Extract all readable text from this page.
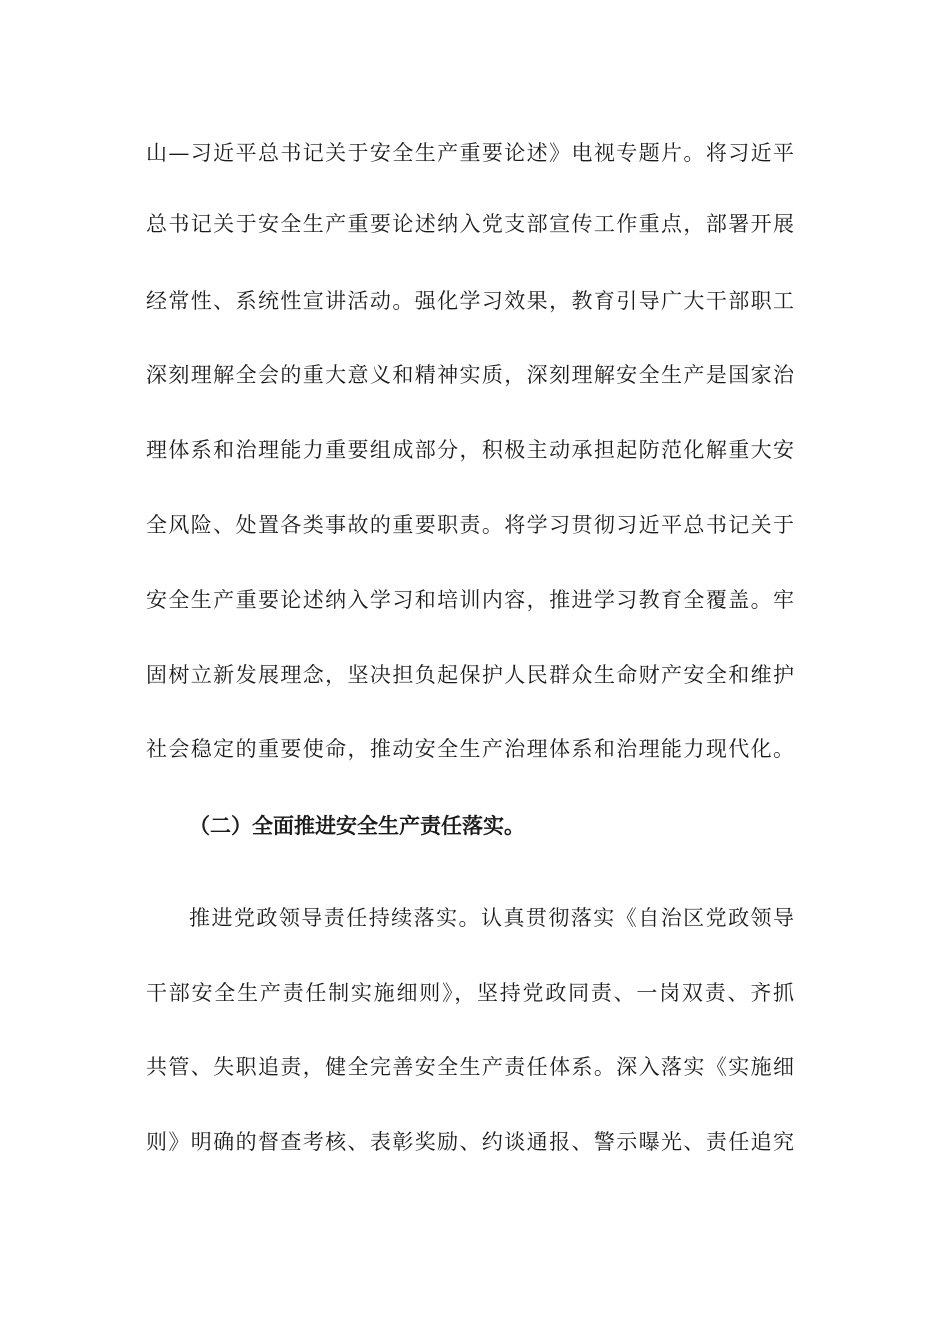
山—习近平总书记关于安全生产重要论述》电视专题片。将习近平
总书记关于安全生产重要论述纳入党支部宣传工作重点，部署开展
经常性、系统性宣讲活动。强化学习效果，教育引导广大干部职工
深刻理解全会的重大意义和精神实质，深刻理解安全生产是国家治
理体系和治理能力重要组成部分，积极主动承担起防范化解重大安
全风险、处置各类事故的重要职责。将学习贯彻习近平总书记关于
安全生产重要论述纳入学习和培训内容，推进学习教育全覆盖。牢
固树立新发展理念，坚决担负起保护人民群众生命财产安全和维护
社会稳定的重要使命，推动安全生产治理体系和治理能力现代化。
（二）全面推进安全生产责任落实。
推进党政领导责任持续落实。认真贯彻落实《自治区党政领导
干部安全生产责任制实施细则》，坚持党政同责、一岗双责、齐抓
共管、失职追责，健全完善安全生产责任体系。深入落实《实施细
则》明确的督查考核、表彰奖励、约谈通报、警示曝光、责任追究
